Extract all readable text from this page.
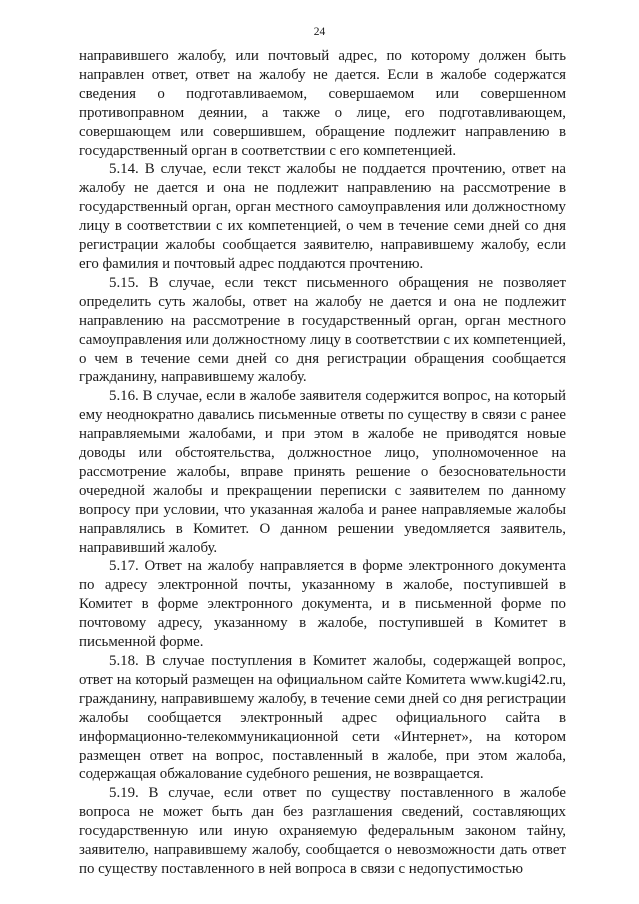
24

направившего жалобу, или почтовый адрес, по которому должен быть направлен ответ, ответ на жалобу не дается. Если в жалобе содержатся сведения о подготавливаемом, совершаемом или совершенном противоправном деянии, а также о лице, его подготавливающем, совершающем или совершившем, обращение подлежит направлению в государственный орган в соответствии с его компетенцией.

5.14. В случае, если текст жалобы не поддается прочтению, ответ на жалобу не дается и она не подлежит направлению на рассмотрение в государственный орган, орган местного самоуправления или должностному лицу в соответствии с их компетенцией, о чем в течение семи дней со дня регистрации жалобы сообщается заявителю, направившему жалобу, если его фамилия и почтовый адрес поддаются прочтению.

5.15. В случае, если текст письменного обращения не позволяет определить суть жалобы, ответ на жалобу не дается и она не подлежит направлению на рассмотрение в государственный орган, орган местного самоуправления или должностному лицу в соответствии с их компетенцией, о чем в течение семи дней со дня регистрации обращения сообщается гражданину, направившему жалобу.

5.16. В случае, если в жалобе заявителя содержится вопрос, на который ему неоднократно давались письменные ответы по существу в связи с ранее направляемыми жалобами, и при этом в жалобе не приводятся новые доводы или обстоятельства, должностное лицо, уполномоченное на рассмотрение жалобы, вправе принять решение о безосновательности очередной жалобы и прекращении переписки с заявителем по данному вопросу при условии, что указанная жалоба и ранее направляемые жалобы направлялись в Комитет. О данном решении уведомляется заявитель, направивший жалобу.

5.17. Ответ на жалобу направляется в форме электронного документа по адресу электронной почты, указанному в жалобе, поступившей в Комитет в форме электронного документа, и в письменной форме по почтовому адресу, указанному в жалобе, поступившей в Комитет в письменной форме.

5.18. В случае поступления в Комитет жалобы, содержащей вопрос, ответ на который размещен на официальном сайте Комитета www.kugi42.ru, гражданину, направившему жалобу, в течение семи дней со дня регистрации жалобы сообщается электронный адрес официального сайта в информационно-телекоммуникационной сети «Интернет», на котором размещен ответ на вопрос, поставленный в жалобе, при этом жалоба, содержащая обжалование судебного решения, не возвращается.

5.19. В случае, если ответ по существу поставленного в жалобе вопроса не может быть дан без разглашения сведений, составляющих государственную или иную охраняемую федеральным законом тайну, заявителю, направившему жалобу, сообщается о невозможности дать ответ по существу поставленного в ней вопроса в связи с недопустимостью
